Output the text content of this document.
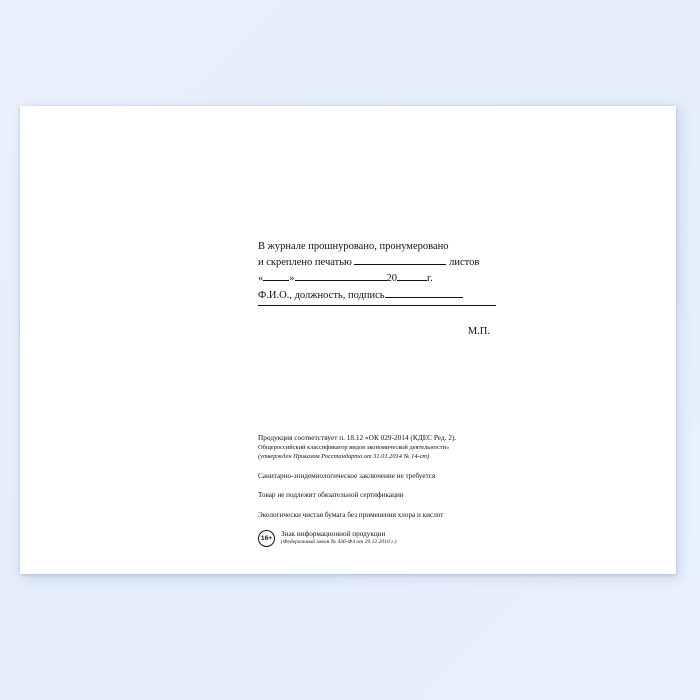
В журнале прошнуровано, пронумеровано
и скреплено печатью	листов
« »	20	г.
Ф.И.О., должность, подпись
М.П.

Продукция соответствует п. 18.12 «ОК 029-2014 (КДЕС Ред. 2).

Общероссийский классификатор видов экономической деятельности»

(утвержден Приказом Росстандарта от 31.01.2014 № 14-ст)

Санитарно-эпидемиологическое заключение не требуется

Товар не подлежит обязательной сертификации

Экологически чистая бумага без применения хлора и кислот

16+	Знак информационной продукции
(Федеральный закон № 436-ФЗ от 29.12.2010 г.)
